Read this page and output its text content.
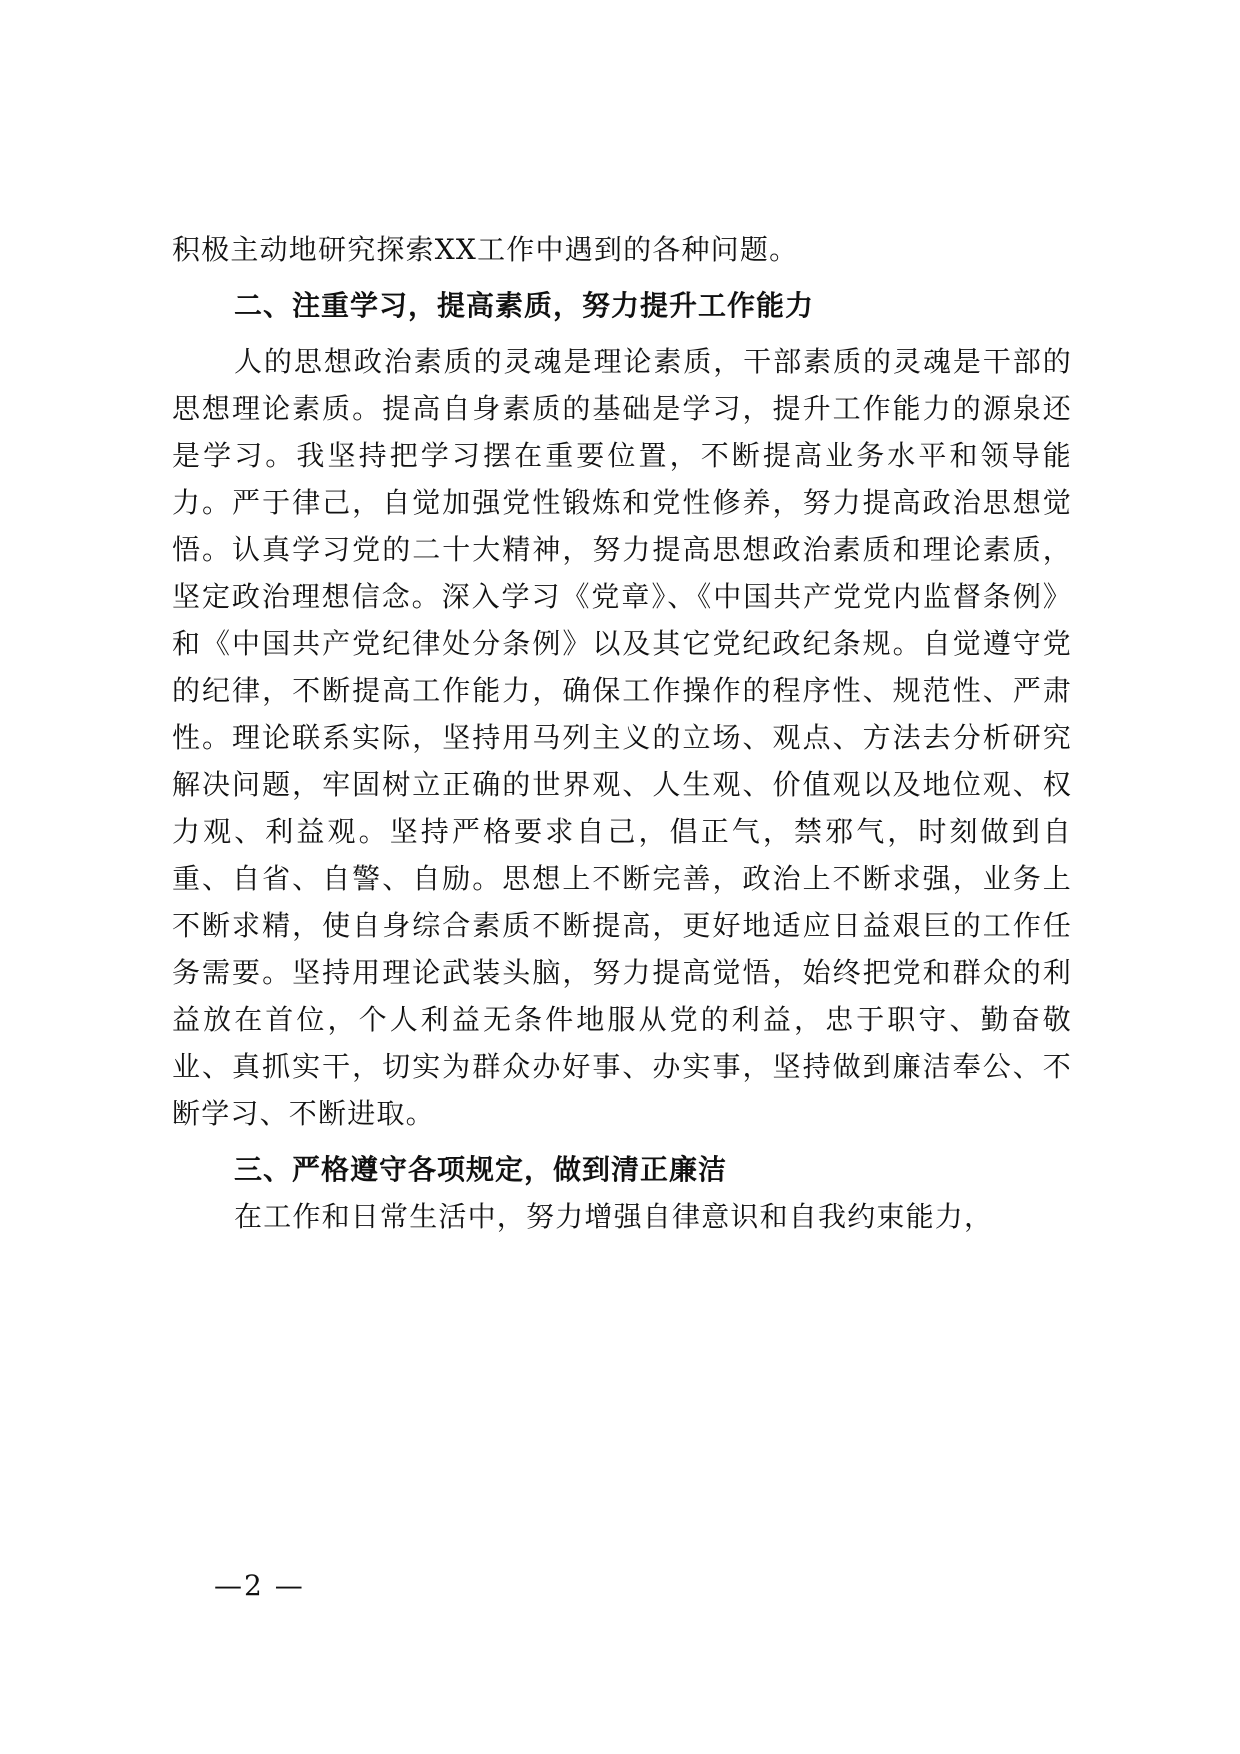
积极主动地研究探索XX工作中遇到的各种问题。

二、注重学习，提高素质，努力提升工作能力

人的思想政治素质的灵魂是理论素质，干部素质的灵魂是干部的思想理论素质。提高自身素质的基础是学习，提升工作能力的源泉还是学习。我坚持把学习摆在重要位置，不断提高业务水平和领导能力。严于律己，自觉加强党性锻炼和党性修养，努力提高政治思想觉悟。认真学习党的二十大精神，努力提高思想政治素质和理论素质，坚定政治理想信念。深入学习《党章》、《中国共产党党内监督条例》和《中国共产党纪律处分条例》以及其它党纪政纪条规。自觉遵守党的纪律，不断提高工作能力，确保工作操作的程序性、规范性、严肃性。理论联系实际，坚持用马列主义的立场、观点、方法去分析研究解决问题，牢固树立正确的世界观、人生观、价值观以及地位观、权力观、利益观。坚持严格要求自己，倡正气，禁邪气，时刻做到自重、自省、自警、自励。思想上不断完善，政治上不断求强，业务上不断求精，使自身综合素质不断提高，更好地适应日益艰巨的工作任务需要。坚持用理论武装头脑，努力提高觉悟，始终把党和群众的利益放在首位，个人利益无条件地服从党的利益，忠于职守、勤奋敬业、真抓实干，切实为群众办好事、办实事，坚持做到廉洁奉公、不断学习、不断进取。

三、严格遵守各项规定，做到清正廉洁

在工作和日常生活中，努力增强自律意识和自我约束能力，

—2 —
